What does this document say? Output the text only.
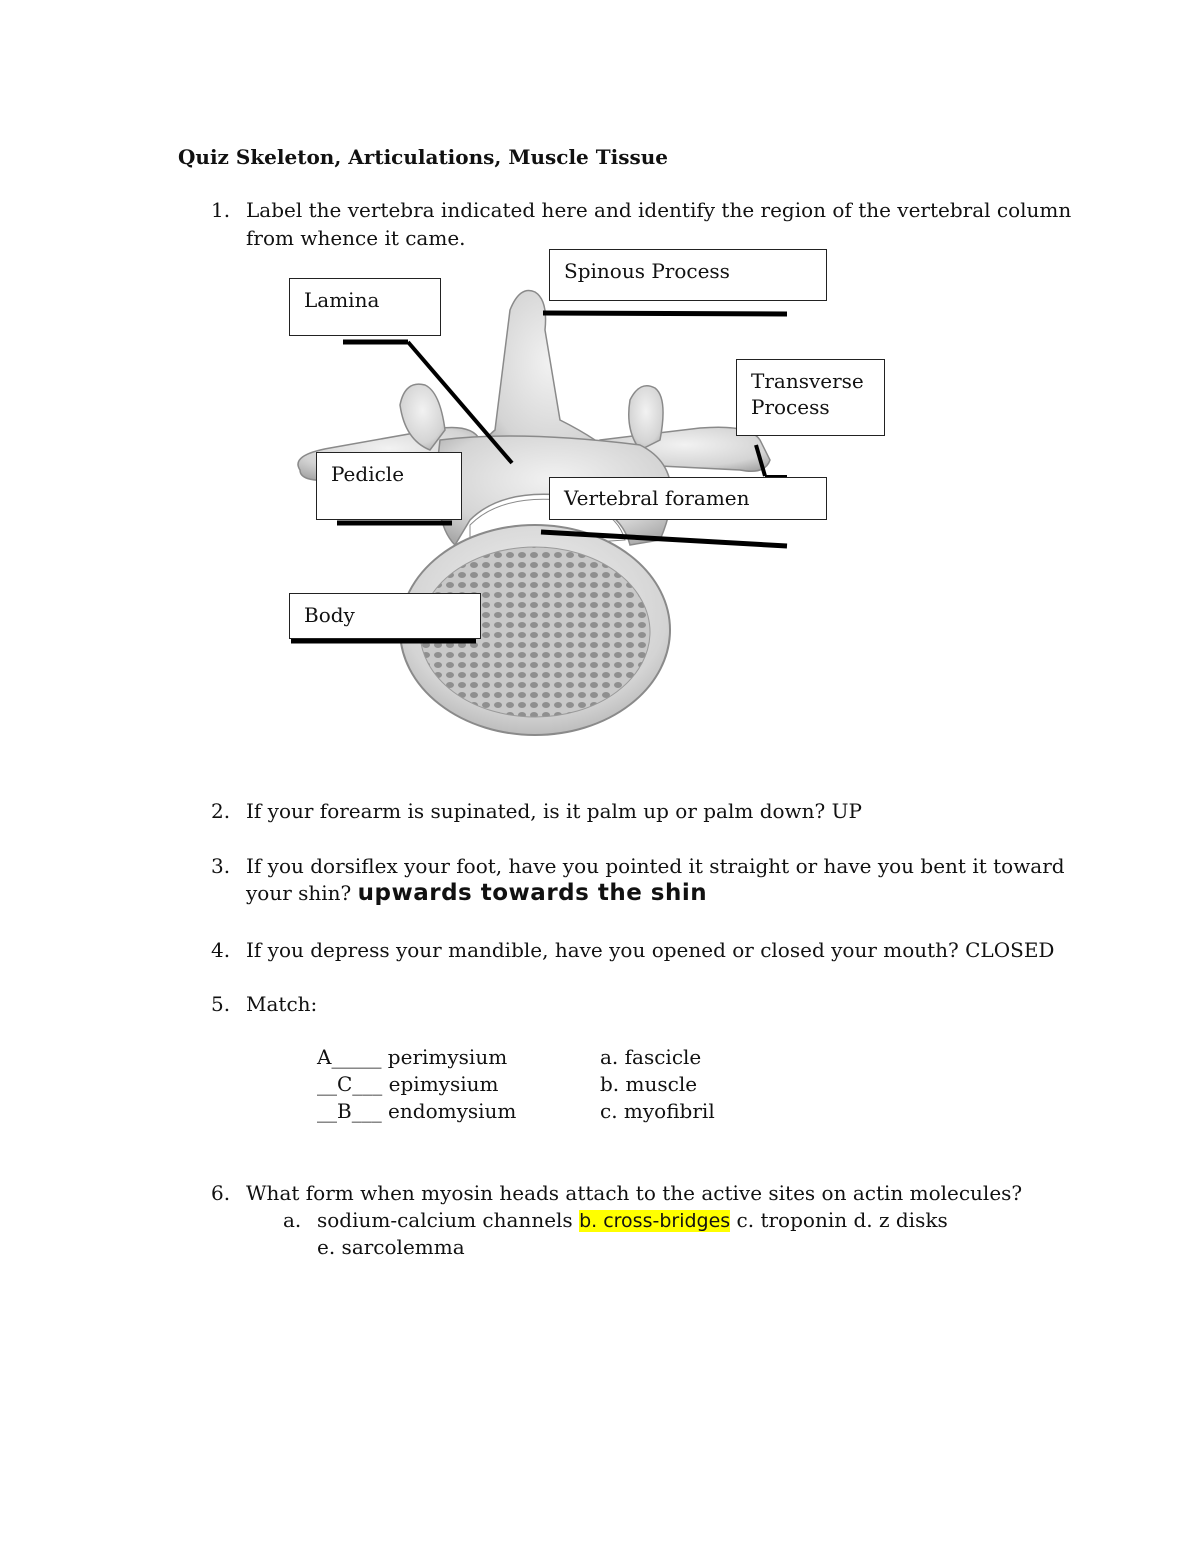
Quiz Skeleton, Articulations, Muscle Tissue
1. Label the vertebra indicated here and identify the region of the vertebral column
from whence it came.
Spinous Process
Lamina
Transverse Process
Pedicle
Vertebral foramen
Body
2. If your forearm is supinated, is it palm up or palm down? UP
3. If you dorsiflex your foot, have you pointed it straight or have you bent it toward
your shin? upwards towards the shin
4. If you depress your mandible, have you opened or closed your mouth? CLOSED
5. Match:
A_____ perimysium
__C___ epimysium
__B___ endomysium
a. fascicle
b. muscle
c. myofibril
6. What form when myosin heads attach to the active sites on actin molecules?
a. sodium-calcium channels b. cross-bridges c. troponin d. z disks
e. sarcolemma
